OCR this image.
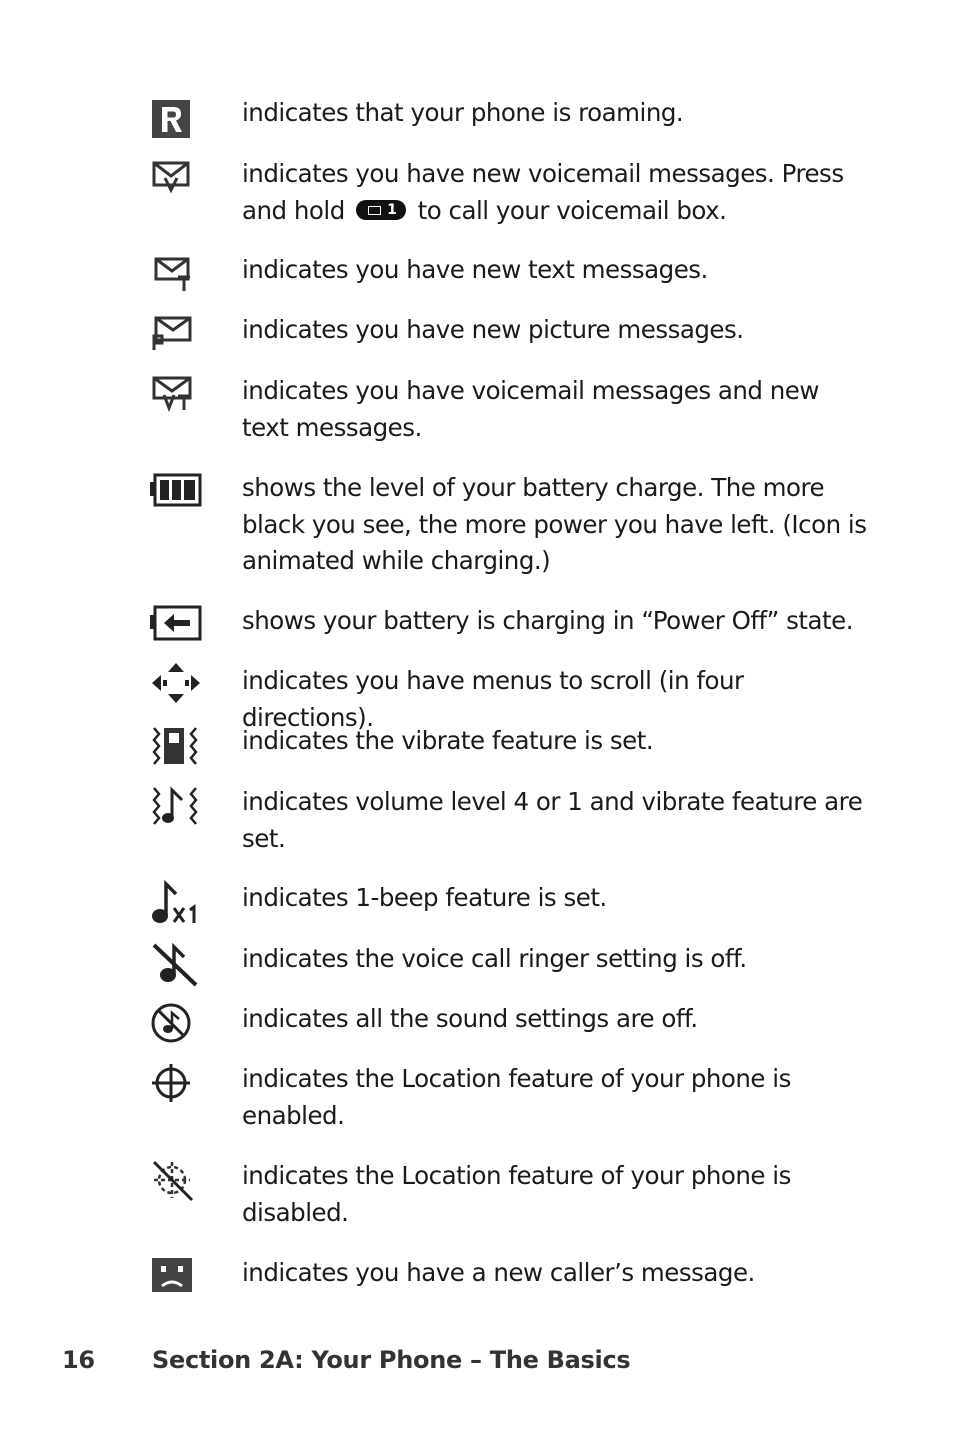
indicates that your phone is roaming.

indicates you have new voicemail messages. Press and hold	1 to call your voicemail box.

indicates you have new text messages.

indicates you have new picture messages.

indicates you have voicemail messages and new text messages.

shows the level of your battery charge. The more black you see, the more power you have left. (Icon is animated while charging.)

shows your battery is charging in “Power Off” state.

indicates you have menus to scroll (in four directions).

indicates the vibrate feature is set.

indicates volume level 4 or 1 and vibrate feature are set.

indicates 1-beep feature is set.

indicates the voice call ringer setting is off.

indicates all the sound settings are off.

indicates the Location feature of your phone is enabled.

indicates the Location feature of your phone is disabled.

indicates you have a new caller’s message.

16 Section 2A: Your Phone – The Basics
